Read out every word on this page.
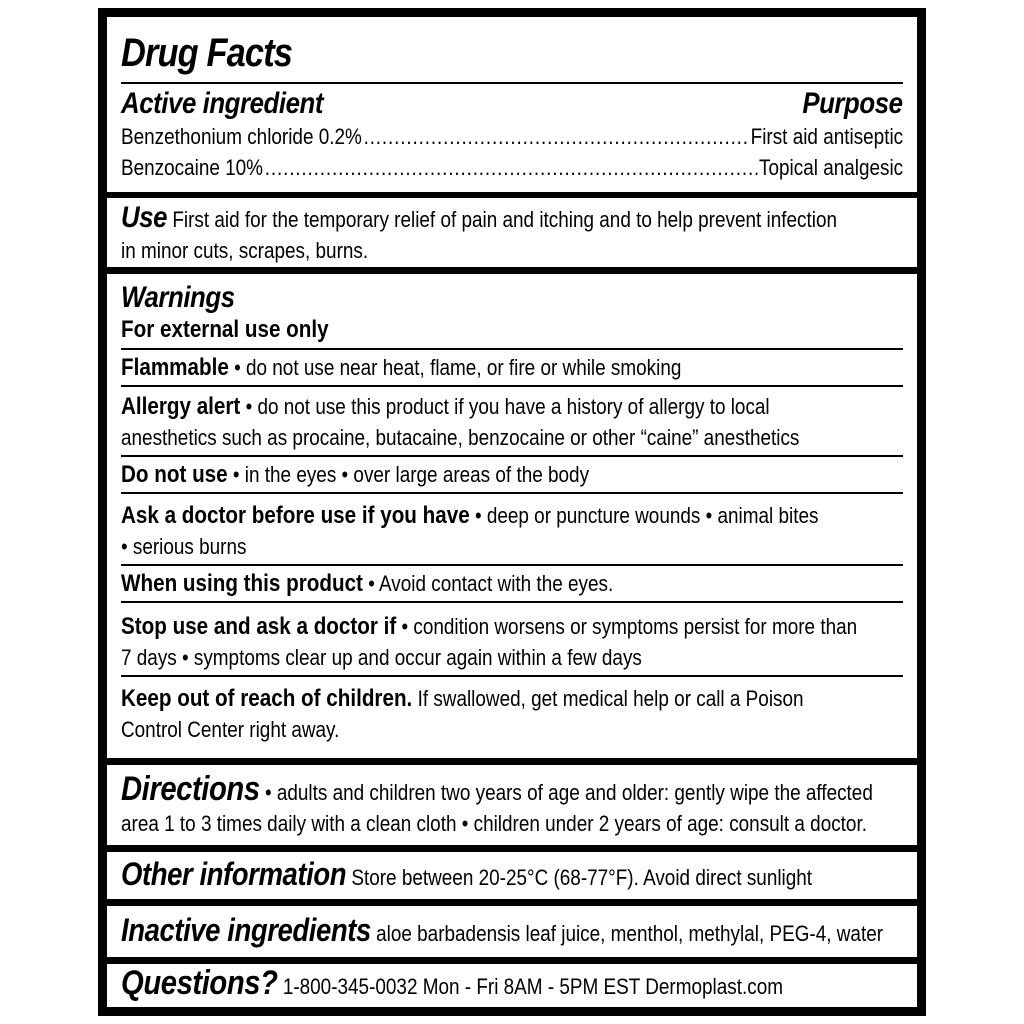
Drug Facts
Active ingredient	Purpose
Benzethonium chloride 0.2% .....	First aid antiseptic
Benzocaine 10% .....	Topical analgesic
Use First aid for the temporary relief of pain and itching and to help prevent infection
in minor cuts, scrapes, burns.
Warnings
For external use only
Flammable • do not use near heat, flame, or fire or while smoking
Allergy alert • do not use this product if you have a history of allergy to local
anesthetics such as procaine, butacaine, benzocaine or other “caine” anesthetics
Do not use • in the eyes • over large areas of the body
Ask a doctor before use if you have • deep or puncture wounds • animal bites
• serious burns
When using this product • Avoid contact with the eyes.
Stop use and ask a doctor if • condition worsens or symptoms persist for more than
7 days • symptoms clear up and occur again within a few days
Keep out of reach of children. If swallowed, get medical help or call a Poison
Control Center right away.
Directions • adults and children two years of age and older: gently wipe the affected
area 1 to 3 times daily with a clean cloth • children under 2 years of age: consult a doctor.
Other information Store between 20-25°C (68-77°F). Avoid direct sunlight
Inactive ingredients aloe barbadensis leaf juice, menthol, methylal, PEG-4, water
Questions? 1-800-345-0032 Mon - Fri 8AM - 5PM EST Dermoplast.com
